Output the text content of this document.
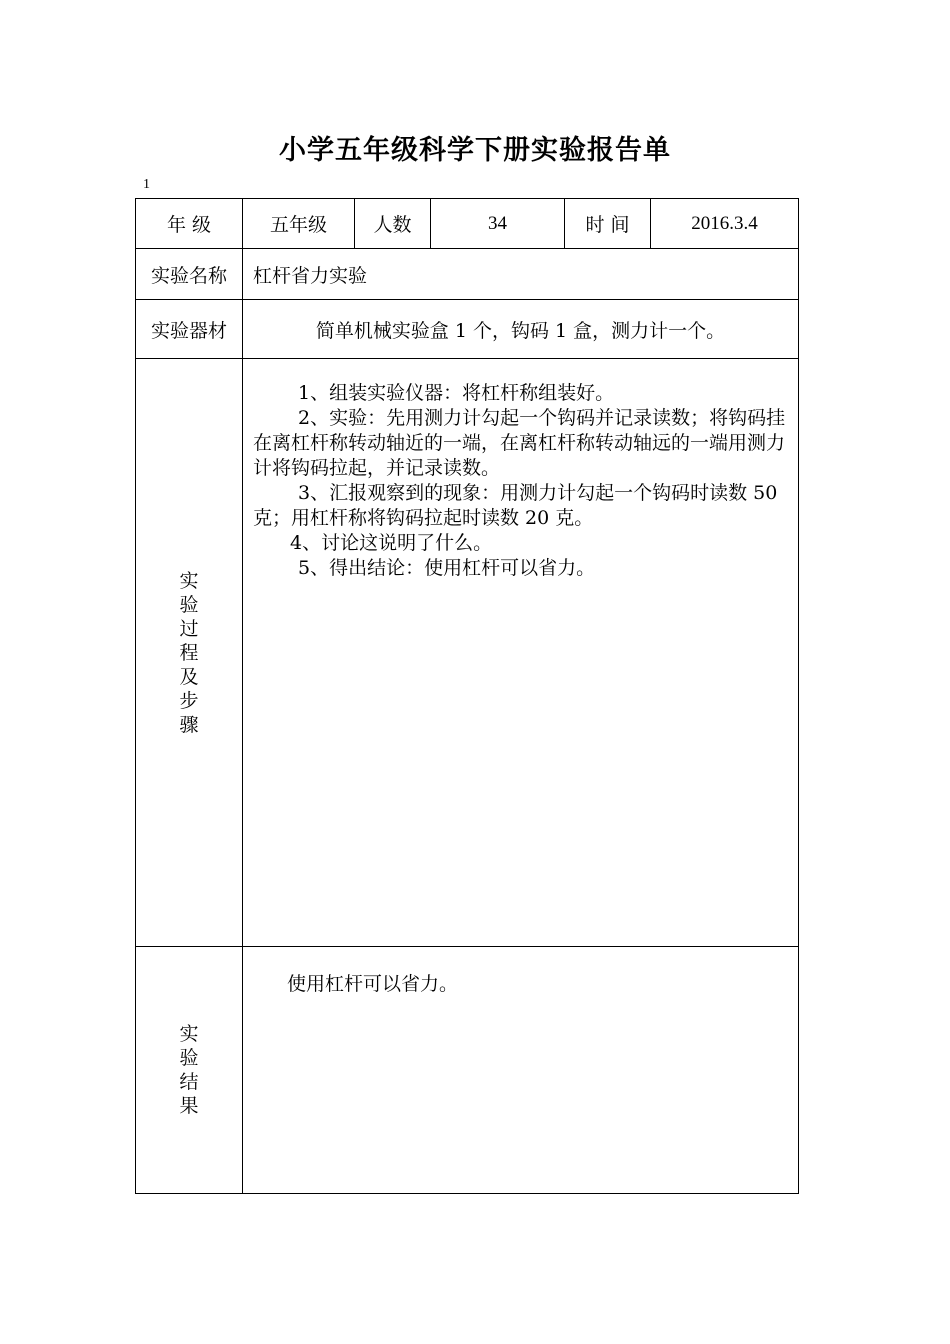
小学五年级科学下册实验报告单
1
年 级	五年级	人数	34	时 间	2016.3.4
实验名称	杠杆省力实验				
实验器材	简单机械实验盒 1 个，钩码 1 盒，测力计一个。				
实验过程及步骤	1、组装实验仪器：将杠杆称组装好。

2、实验：先用测力计勾起一个钩码并记录读数；将钩码挂在离杠杆称转动轴近的一端，在离杠杆称转动轴远的一端用测力计将钩码拉起，并记录读数。

3、汇报观察到的现象：用测力计勾起一个钩码时读数 50 克；用杠杆称将钩码拉起时读数 20 克。

4、讨论这说明了什么。

5、得出结论：使用杠杆可以省力。				

实验结果	使用杠杆可以省力。				
